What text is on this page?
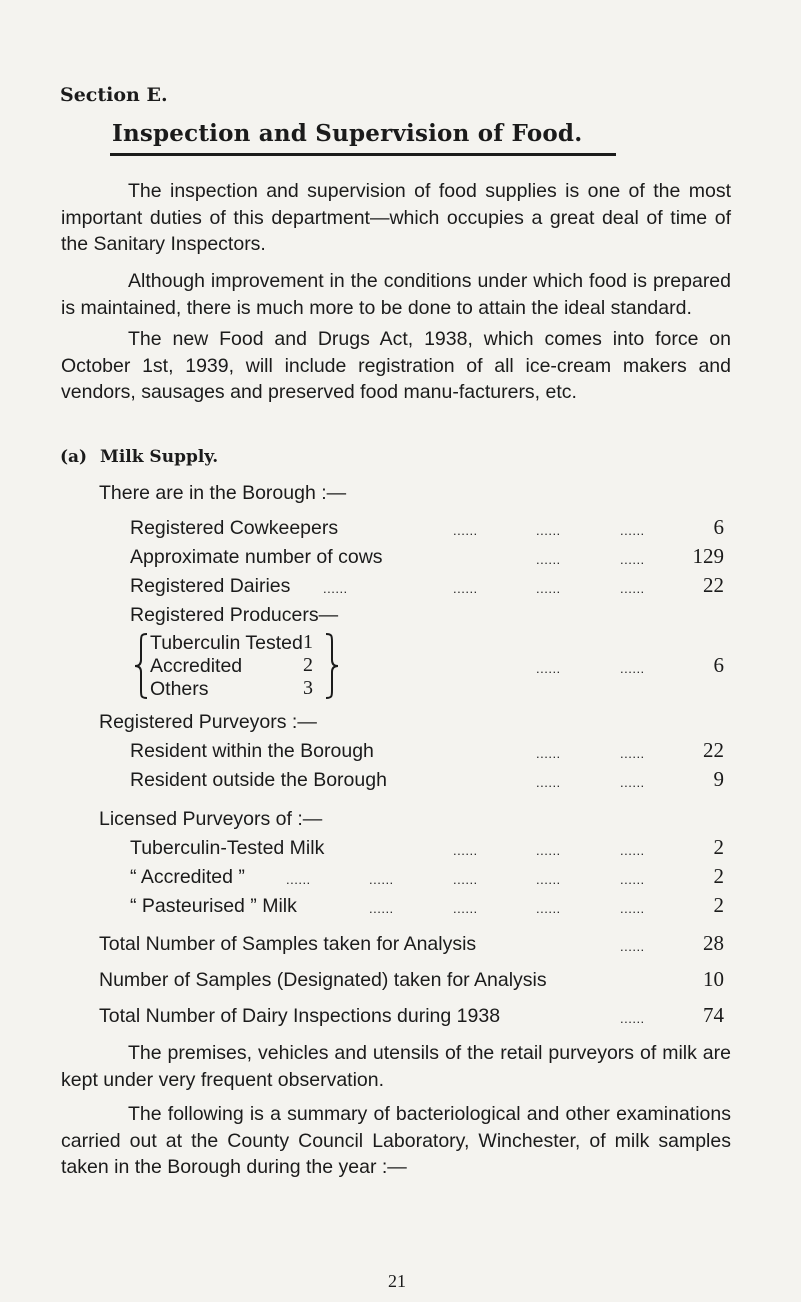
Section E.
Inspection and Supervision of Food.
The inspection and supervision of food supplies is one of the most important duties of this department—which occupies a great deal of time of the Sanitary Inspectors.
Although improvement in the conditions under which food is prepared is maintained, there is much more to be done to attain the ideal standard.
The new Food and Drugs Act, 1938, which comes into force on October 1st, 1939, will include registration of all ice-cream makers and vendors, sausages and preserved food manu-facturers, etc.
(a) Milk Supply.
There are in the Borough :—
Registered Cowkeepers	......	......	......	6
Approximate number of cows	......	......	129
Registered Dairies	......	......	......	......	22
Registered Producers—
Tuberculin Tested 1
Accredited	2
Others	3
......	......	6
Registered Purveyors :—
Resident within the Borough	......	......	22
Resident outside the Borough	......	......	9
Licensed Purveyors of :—
Tuberculin-Tested Milk	......	......	......	2
“ Accredited ”	......	......	......	......	......	2
“ Pasteurised ” Milk	......	......	......	......	2
Total Number of Samples taken for Analysis	......	28
Number of Samples (Designated) taken for Analysis	10
Total Number of Dairy Inspections during 1938	......	74
The premises, vehicles and utensils of the retail purveyors of milk are kept under very frequent observation.
The following is a summary of bacteriological and other examinations carried out at the County Council Laboratory, Winchester, of milk samples taken in the Borough during the year :—
21
